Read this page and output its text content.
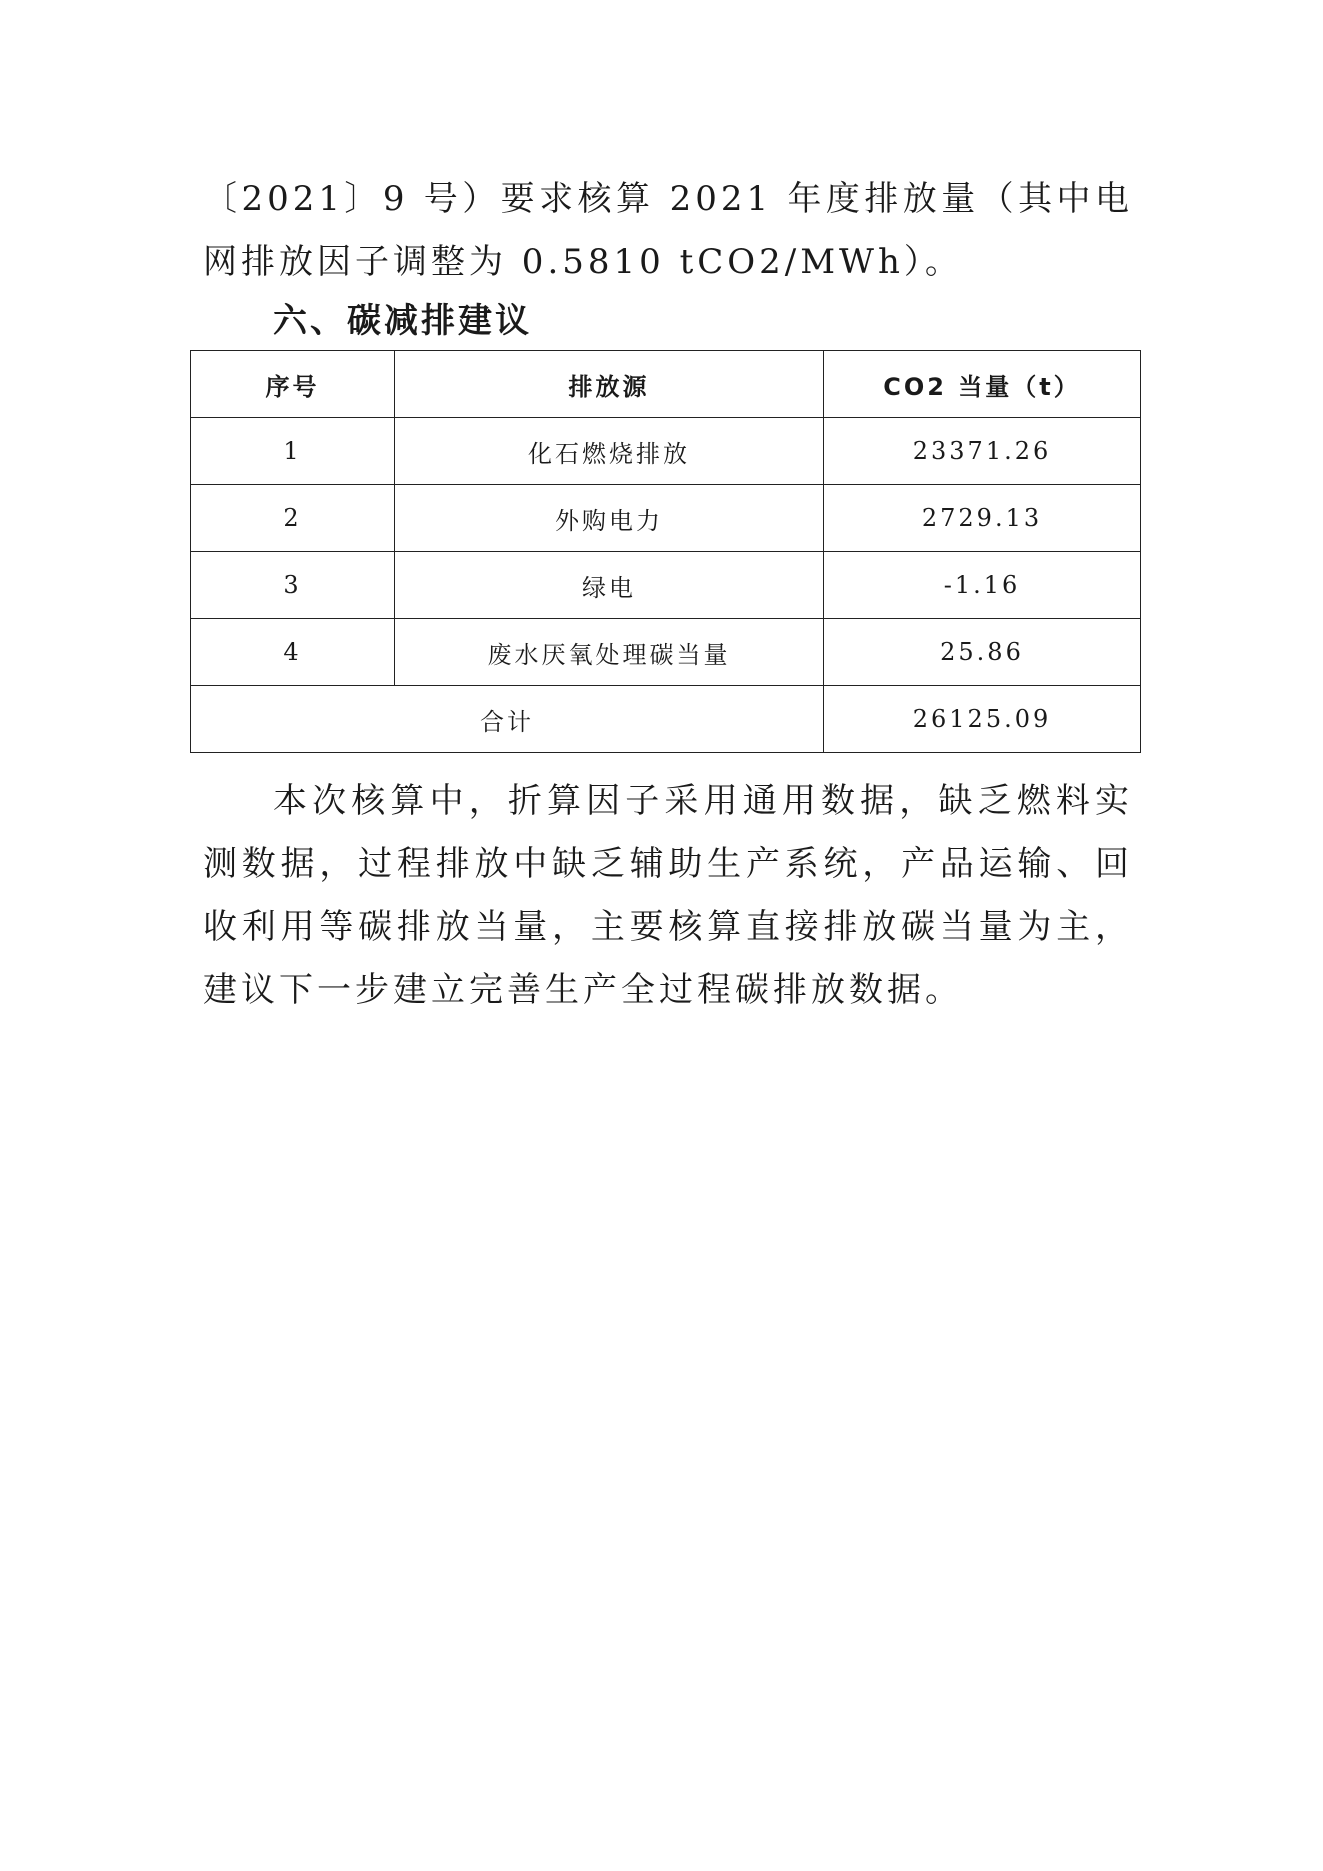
〔2021〕9 号）要求核算 2021 年度排放量（其中电网排放因子调整为 0.5810 tCO2/MWh）。

六、碳减排建议
序号	排放源	CO2 当量（t）
1	化石燃烧排放	23371.26
2	外购电力	2729.13
3	绿电	-1.16
4	废水厌氧处理碳当量	25.86
合计		26125.09

本次核算中，折算因子采用通用数据，缺乏燃料实测数据，过程排放中缺乏辅助生产系统，产品运输、回收利用等碳排放当量，主要核算直接排放碳当量为主，建议下一步建立完善生产全过程碳排放数据。
